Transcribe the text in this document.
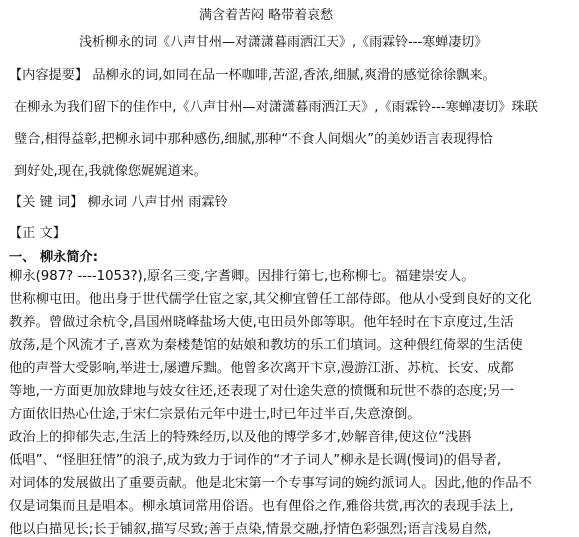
满含着苦闷 略带着哀愁
浅析柳永的词《八声甘州—对潇潇暮雨洒江天》,《雨霖铃---寒蝉凄切》
【内容提要】 品柳永的词,如同在品一杯咖啡,苦涩,香浓,细腻,爽滑的感觉徐徐飘来。
在柳永为我们留下的佳作中,《八声甘州—对潇潇暮雨洒江天》,《雨霖铃---寒蝉凄切》珠联
璧合,相得益彰,把柳永词中那种感伤,细腻,那种“不食人间烟火”的美妙语言表现得恰
到好处,现在,我就像您娓娓道来。
【关 键 词】 柳永词 八声甘州 雨霖铃
【正 文】
一、 柳永简介:
柳永(987? ----1053?),原名三变,字耆卿。因排行第七,也称柳七。福建崇安人。
世称柳屯田。他出身于世代儒学仕宦之家,其父柳宜曾任工部侍郎。他从小受到良好的文化
教养。曾做过余杭令,昌国州晓峰盐场大使,屯田员外郎等职。他年轻时在卞京度过,生活
放荡,是个风流才子,喜欢为秦楼楚馆的姑娘和教坊的乐工们填词。这种偎红倚翠的生活使
他的声誉大受影响,举进士,屡遭斥黜。他曾多次离开卞京,漫游江浙、苏杭、长安、成都
等地,一方面更加放肆地与妓女往还,还表现了对仕途失意的愤慨和玩世不恭的态度;另一
方面依旧热心仕途,于宋仁宗景佑元年中进士,时已年过半百,失意潦倒。
政治上的抑郁失志,生活上的特殊经历,以及他的博学多才,妙解音律,使这位“浅斟
低唱”、“怪胆狂情”的浪子,成为致力于词作的“才子词人”柳永是长调(慢词)的倡导者,
对词体的发展做出了重要贡献。他是北宋第一个专事写词的婉约派词人。因此,他的作品不
仅是词集而且是唱本。柳永填词常用俗语。也有俚俗之作,雅俗共赏,再次的表现手法上,
他以白描见长;长于铺叙,描写尽致;善于点染,情景交融,抒情色彩强烈;语言浅易自然,
